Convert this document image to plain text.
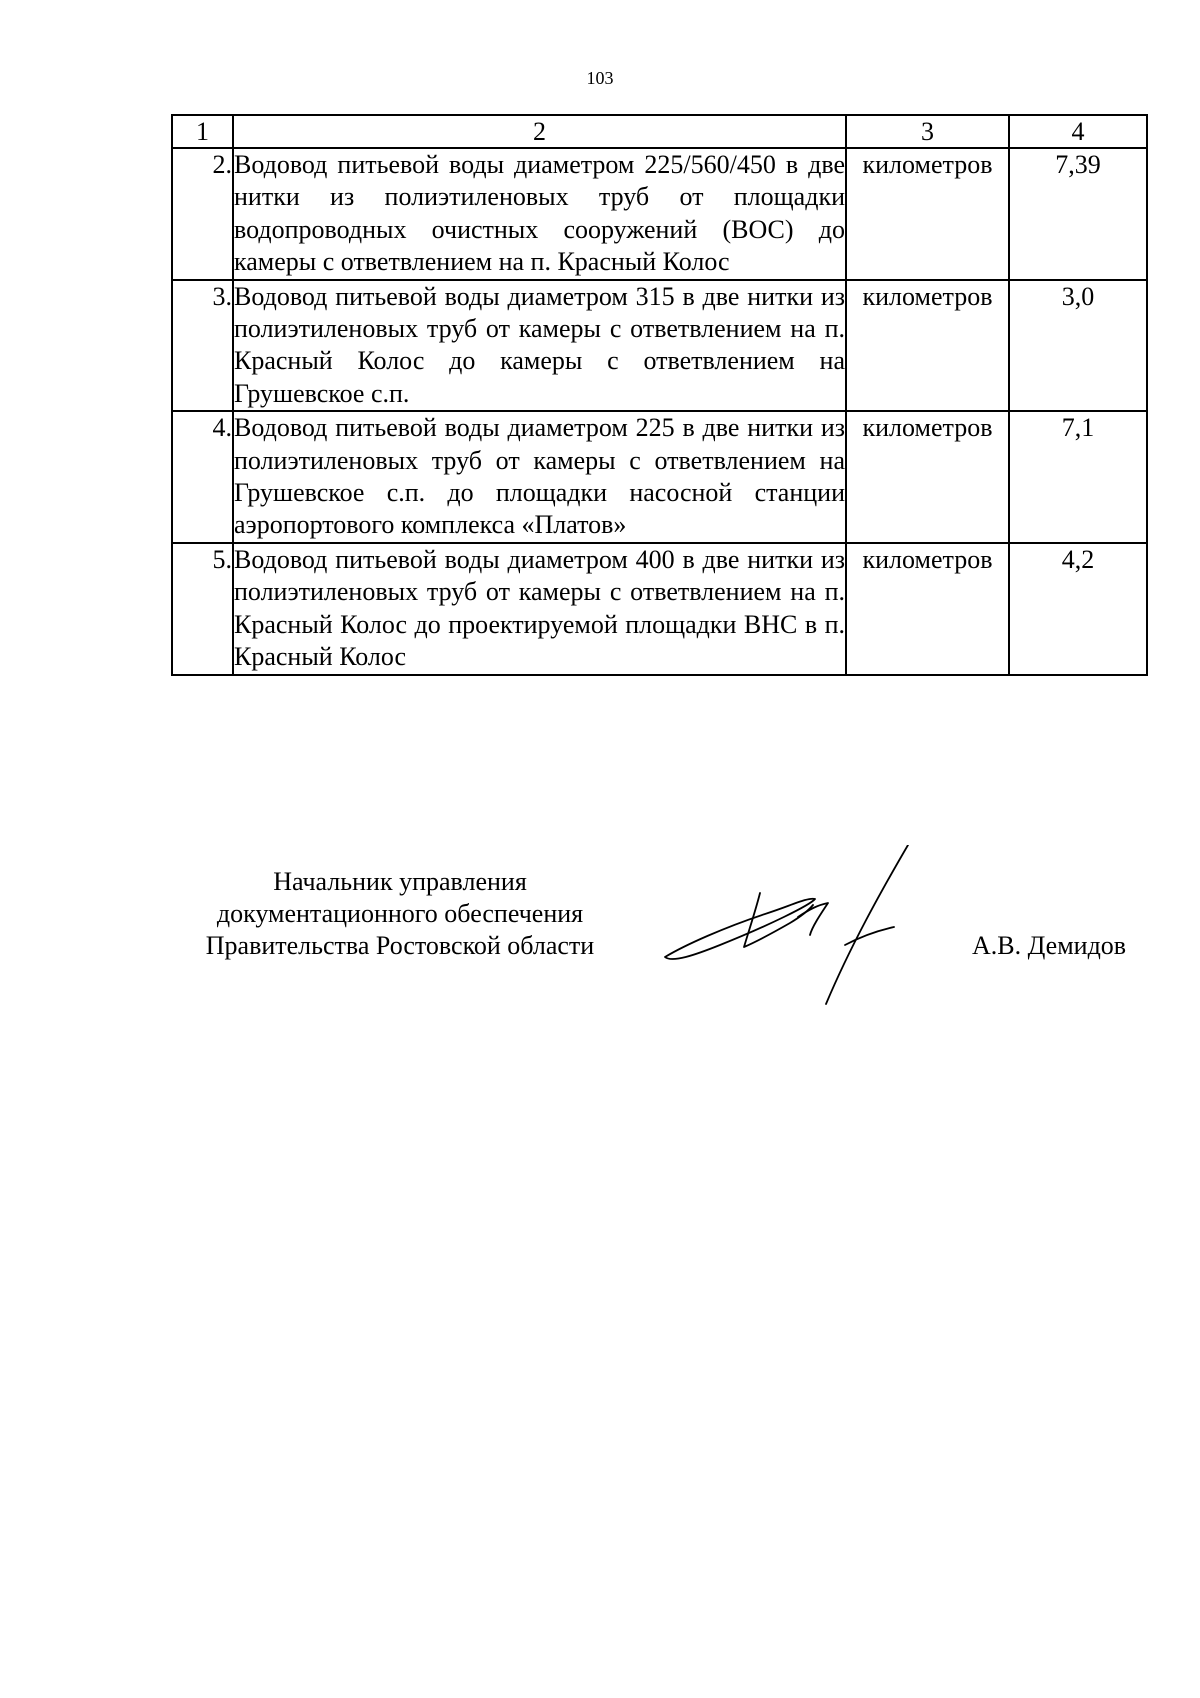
103
1	2	3	4
2.	Водовод питьевой воды диаметром 225/560/450 в две нитки из полиэтиленовых труб от площадки водопроводных очистных сооружений (ВОС) до камеры с ответвлением на п. Красный Колос	километров	7,39
3.	Водовод питьевой воды диаметром 315 в две нитки из полиэтиленовых труб от камеры с ответвлением на п. Красный Колос до камеры с ответвлением на Грушевское с.п.	километров	3,0
4.	Водовод питьевой воды диаметром 225 в две нитки из полиэтиленовых труб от камеры с ответвлением на Грушевское с.п. до площадки насосной станции аэропортового комплекса «Платов»	километров	7,1
5.	Водовод питьевой воды диаметром 400 в две нитки из полиэтиленовых труб от камеры с ответвлением на п. Красный Колос до проектируемой площадки ВНС в п. Красный Колос	километров	4,2
Начальник управления
документационного обеспечения
Правительства Ростовской области	А.В. Демидов
